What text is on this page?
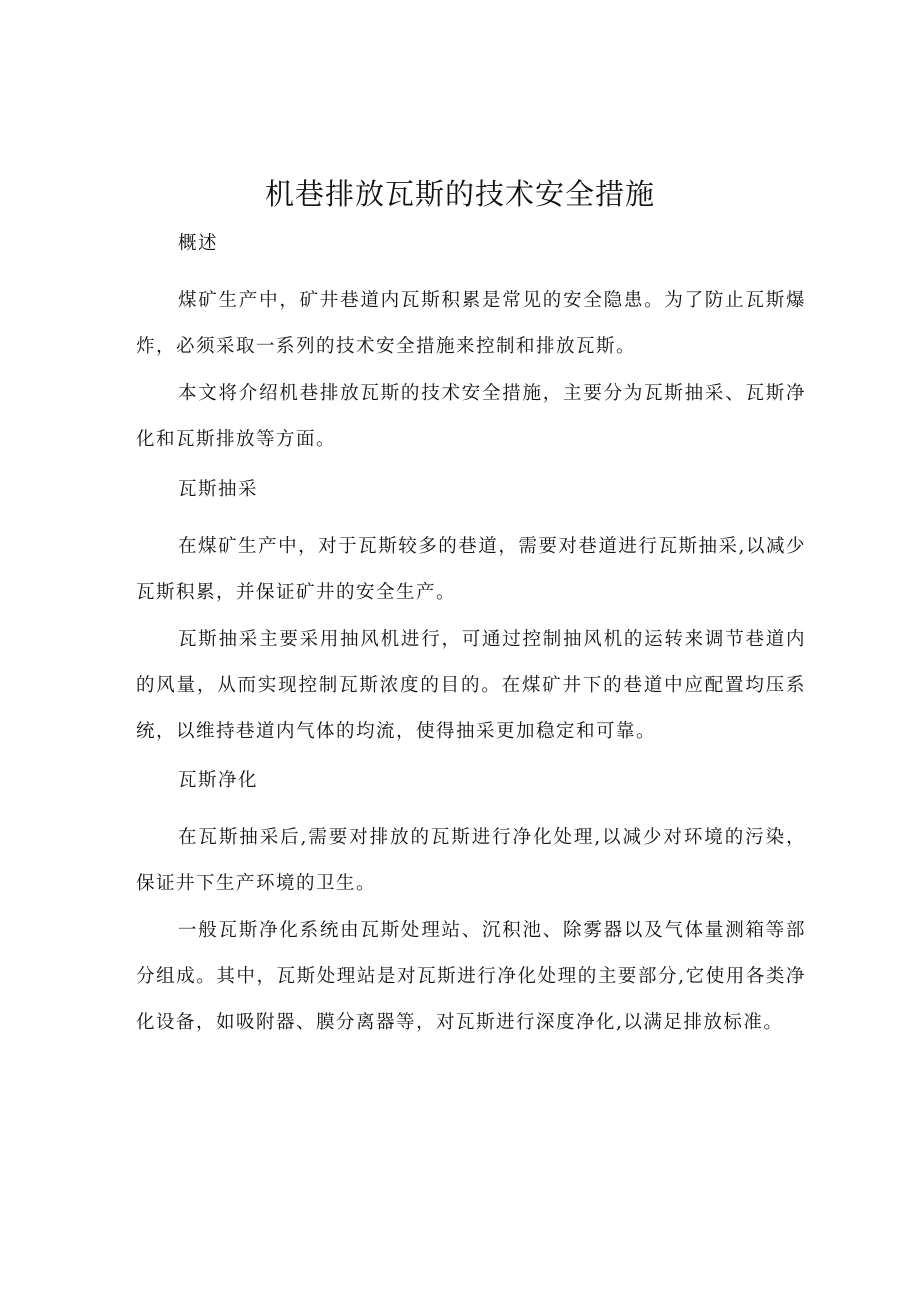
机巷排放瓦斯的技术安全措施

概述

煤矿生产中，矿井巷道内瓦斯积累是常见的安全隐患。为了防止瓦斯爆炸，必须采取一系列的技术安全措施来控制和排放瓦斯。

本文将介绍机巷排放瓦斯的技术安全措施，主要分为瓦斯抽采、瓦斯净化和瓦斯排放等方面。

瓦斯抽采

在煤矿生产中，对于瓦斯较多的巷道，需要对巷道进行瓦斯抽采,以减少瓦斯积累，并保证矿井的安全生产。

瓦斯抽采主要采用抽风机进行，可通过控制抽风机的运转来调节巷道内的风量，从而实现控制瓦斯浓度的目的。在煤矿井下的巷道中应配置均压系统，以维持巷道内气体的均流，使得抽采更加稳定和可靠。

瓦斯净化

在瓦斯抽采后,需要对排放的瓦斯进行净化处理,以减少对环境的污染，保证井下生产环境的卫生。

一般瓦斯净化系统由瓦斯处理站、沉积池、除雾器以及气体量测箱等部分组成。其中，瓦斯处理站是对瓦斯进行净化处理的主要部分,它使用各类净化设备，如吸附器、膜分离器等，对瓦斯进行深度净化,以满足排放标准。
